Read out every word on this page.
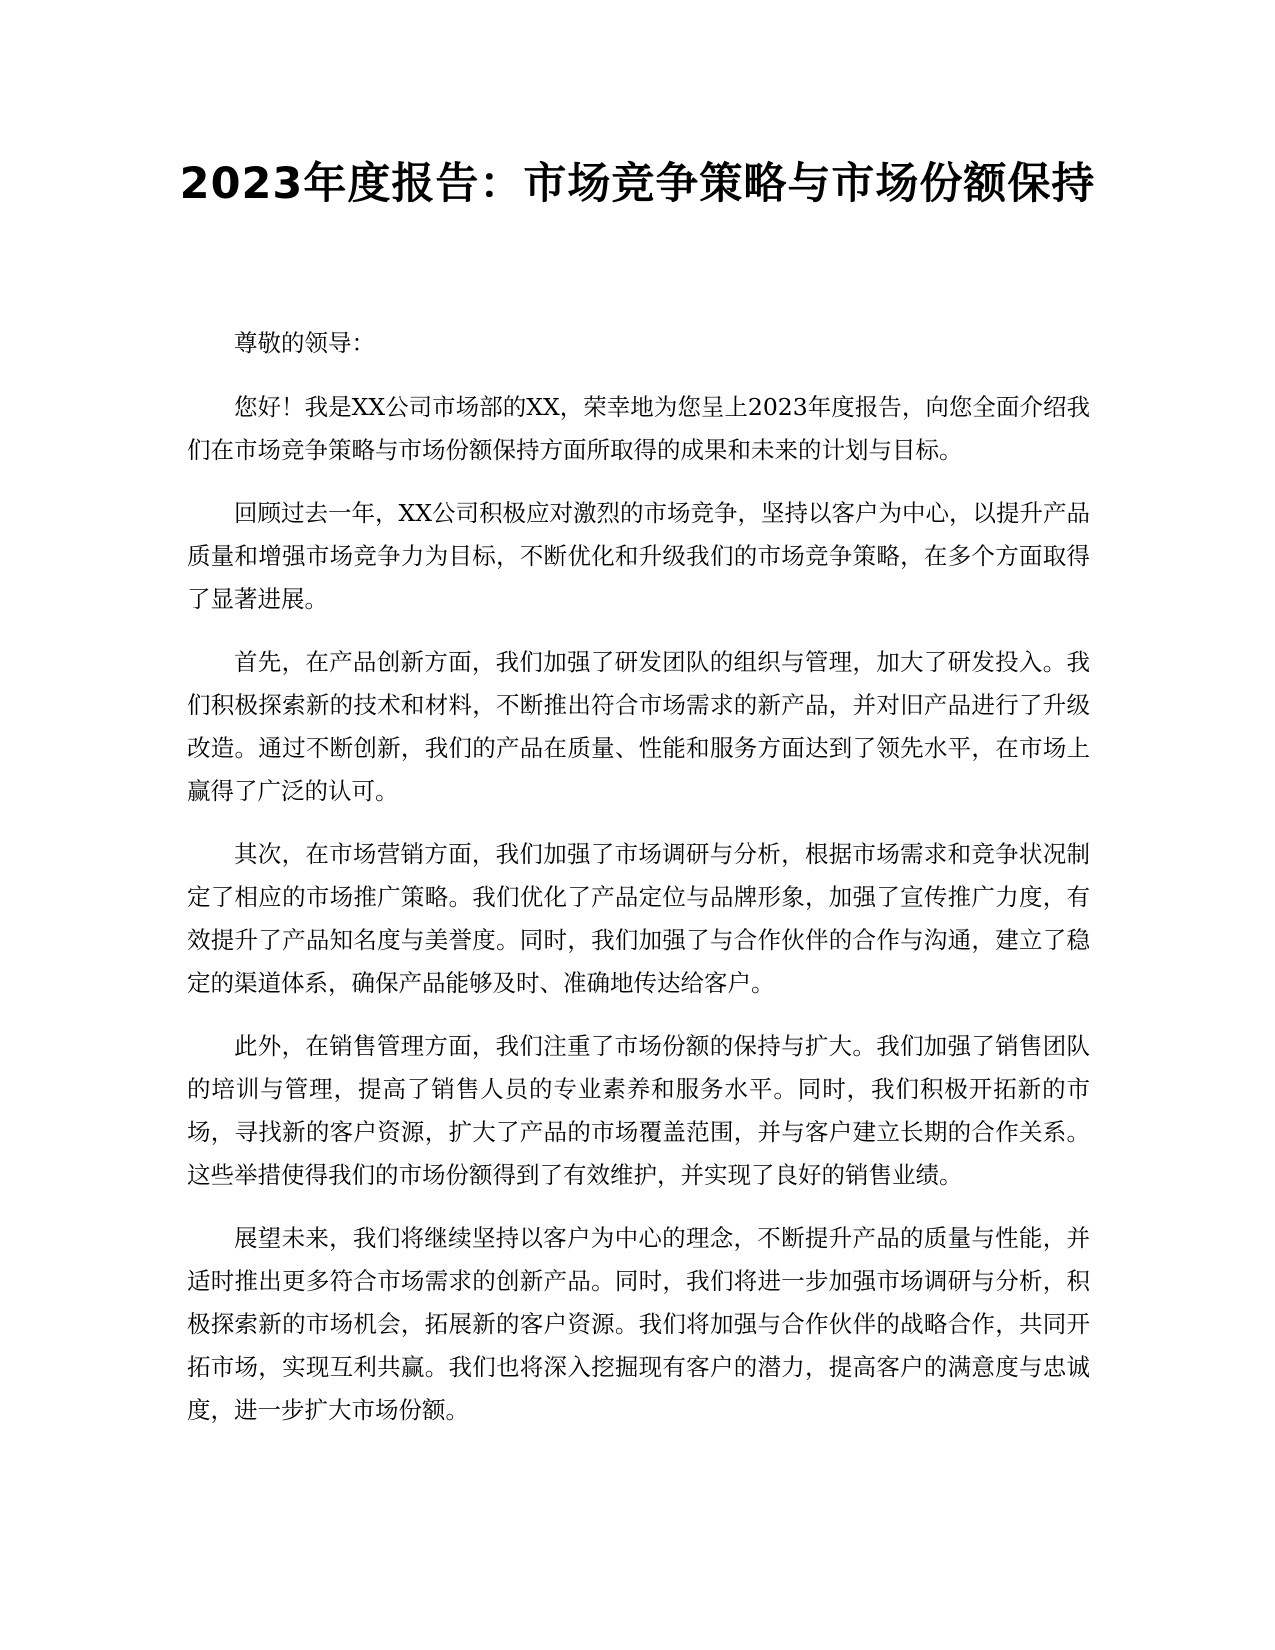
2023年度报告：市场竞争策略与市场份额保持

尊敬的领导：

您好！我是XX公司市场部的XX，荣幸地为您呈上2023年度报告，向您全面介绍我们在市场竞争策略与市场份额保持方面所取得的成果和未来的计划与目标。

回顾过去一年，XX公司积极应对激烈的市场竞争，坚持以客户为中心，以提升产品质量和增强市场竞争力为目标，不断优化和升级我们的市场竞争策略，在多个方面取得了显著进展。

首先，在产品创新方面，我们加强了研发团队的组织与管理，加大了研发投入。我们积极探索新的技术和材料，不断推出符合市场需求的新产品，并对旧产品进行了升级改造。通过不断创新，我们的产品在质量、性能和服务方面达到了领先水平，在市场上赢得了广泛的认可。

其次，在市场营销方面，我们加强了市场调研与分析，根据市场需求和竞争状况制定了相应的市场推广策略。我们优化了产品定位与品牌形象，加强了宣传推广力度，有效提升了产品知名度与美誉度。同时，我们加强了与合作伙伴的合作与沟通，建立了稳定的渠道体系，确保产品能够及时、准确地传达给客户。

此外，在销售管理方面，我们注重了市场份额的保持与扩大。我们加强了销售团队的培训与管理，提高了销售人员的专业素养和服务水平。同时，我们积极开拓新的市场，寻找新的客户资源，扩大了产品的市场覆盖范围，并与客户建立长期的合作关系。这些举措使得我们的市场份额得到了有效维护，并实现了良好的销售业绩。

展望未来，我们将继续坚持以客户为中心的理念，不断提升产品的质量与性能，并适时推出更多符合市场需求的创新产品。同时，我们将进一步加强市场调研与分析，积极探索新的市场机会，拓展新的客户资源。我们将加强与合作伙伴的战略合作，共同开拓市场，实现互利共赢。我们也将深入挖掘现有客户的潜力，提高客户的满意度与忠诚度，进一步扩大市场份额。
